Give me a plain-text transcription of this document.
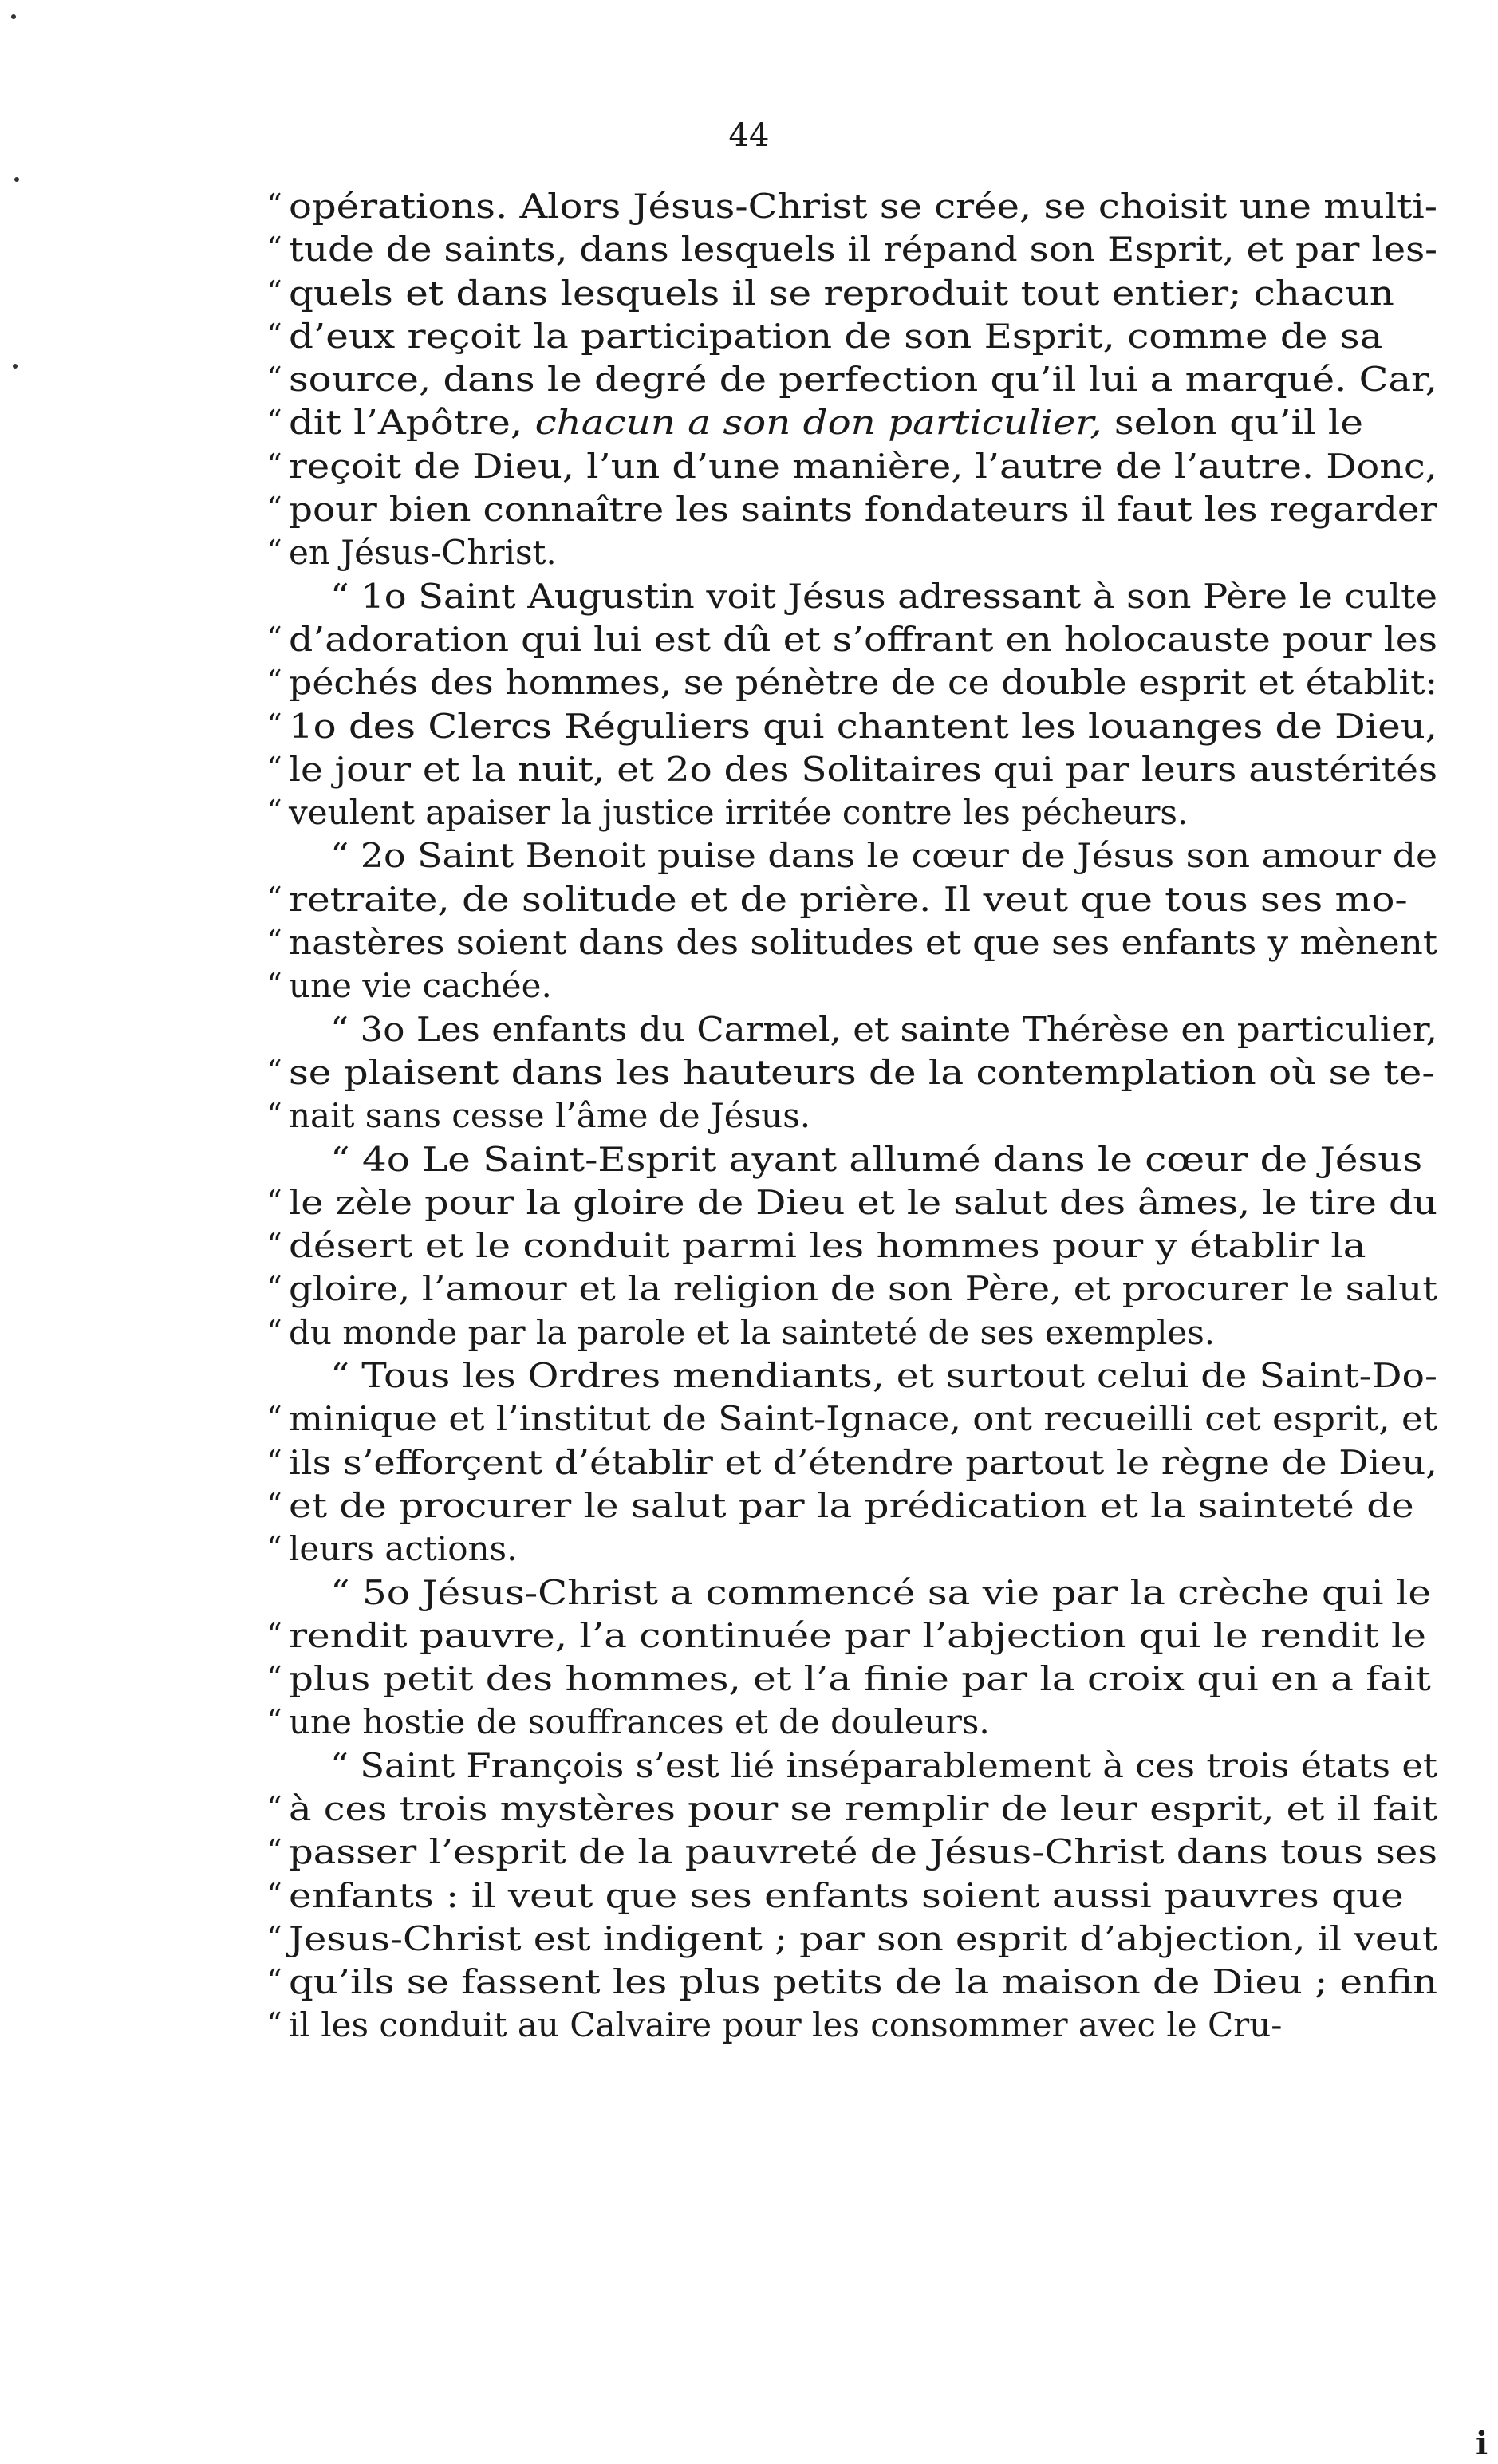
44
“ opérations. Alors Jésus-Christ se crée, se choisit une multi-
“ tude de saints, dans lesquels il répand son Esprit, et par les-
“ quels et dans lesquels il se reproduit tout entier; chacun
“ d’eux reçoit la participation de son Esprit, comme de sa
“ source, dans le degré de perfection qu’il lui a marqué. Car,
“ dit l’Apôtre, chacun a son don particulier, selon qu’il le
“ reçoit de Dieu, l’un d’une manière, l’autre de l’autre. Donc,
“ pour bien connaître les saints fondateurs il faut les regarder
“ en Jésus-Christ.
“ 1o Saint Augustin voit Jésus adressant à son Père le culte
“ d’adoration qui lui est dû et s’offrant en holocauste pour les
“ péchés des hommes, se pénètre de ce double esprit et établit:
“ 1o des Clercs Réguliers qui chantent les louanges de Dieu,
“ le jour et la nuit, et 2o des Solitaires qui par leurs austérités
“ veulent apaiser la justice irritée contre les pécheurs.
“ 2o Saint Benoit puise dans le cœur de Jésus son amour de
“ retraite, de solitude et de prière. Il veut que tous ses mo-
“ nastères soient dans des solitudes et que ses enfants y mènent
“ une vie cachée.
“ 3o Les enfants du Carmel, et sainte Thérèse en particulier,
“ se plaisent dans les hauteurs de la contemplation où se te-
“ nait sans cesse l’âme de Jésus.
“ 4o Le Saint-Esprit ayant allumé dans le cœur de Jésus
“ le zèle pour la gloire de Dieu et le salut des âmes, le tire du
“ désert et le conduit parmi les hommes pour y établir la
“ gloire, l’amour et la religion de son Père, et procurer le salut
“ du monde par la parole et la sainteté de ses exemples.
“ Tous les Ordres mendiants, et surtout celui de Saint-Do-
“ minique et l’institut de Saint-Ignace, ont recueilli cet esprit, et
“ ils s’efforçent d’établir et d’étendre partout le règne de Dieu,
“ et de procurer le salut par la prédication et la sainteté de
“ leurs actions.
“ 5o Jésus-Christ a commencé sa vie par la crèche qui le
“ rendit pauvre, l’a continuée par l’abjection qui le rendit le
“ plus petit des hommes, et l’a finie par la croix qui en a fait
“ une hostie de souffrances et de douleurs.
“ Saint François s’est lié inséparablement à ces trois états et
“ à ces trois mystères pour se remplir de leur esprit, et il fait
“ passer l’esprit de la pauvreté de Jésus-Christ dans tous ses
“ enfants : il veut que ses enfants soient aussi pauvres que
“ Jesus-Christ est indigent ; par son esprit d’abjection, il veut
“ qu’ils se fassent les plus petits de la maison de Dieu ; enfin
“ il les conduit au Calvaire pour les consommer avec le Cru-
i
